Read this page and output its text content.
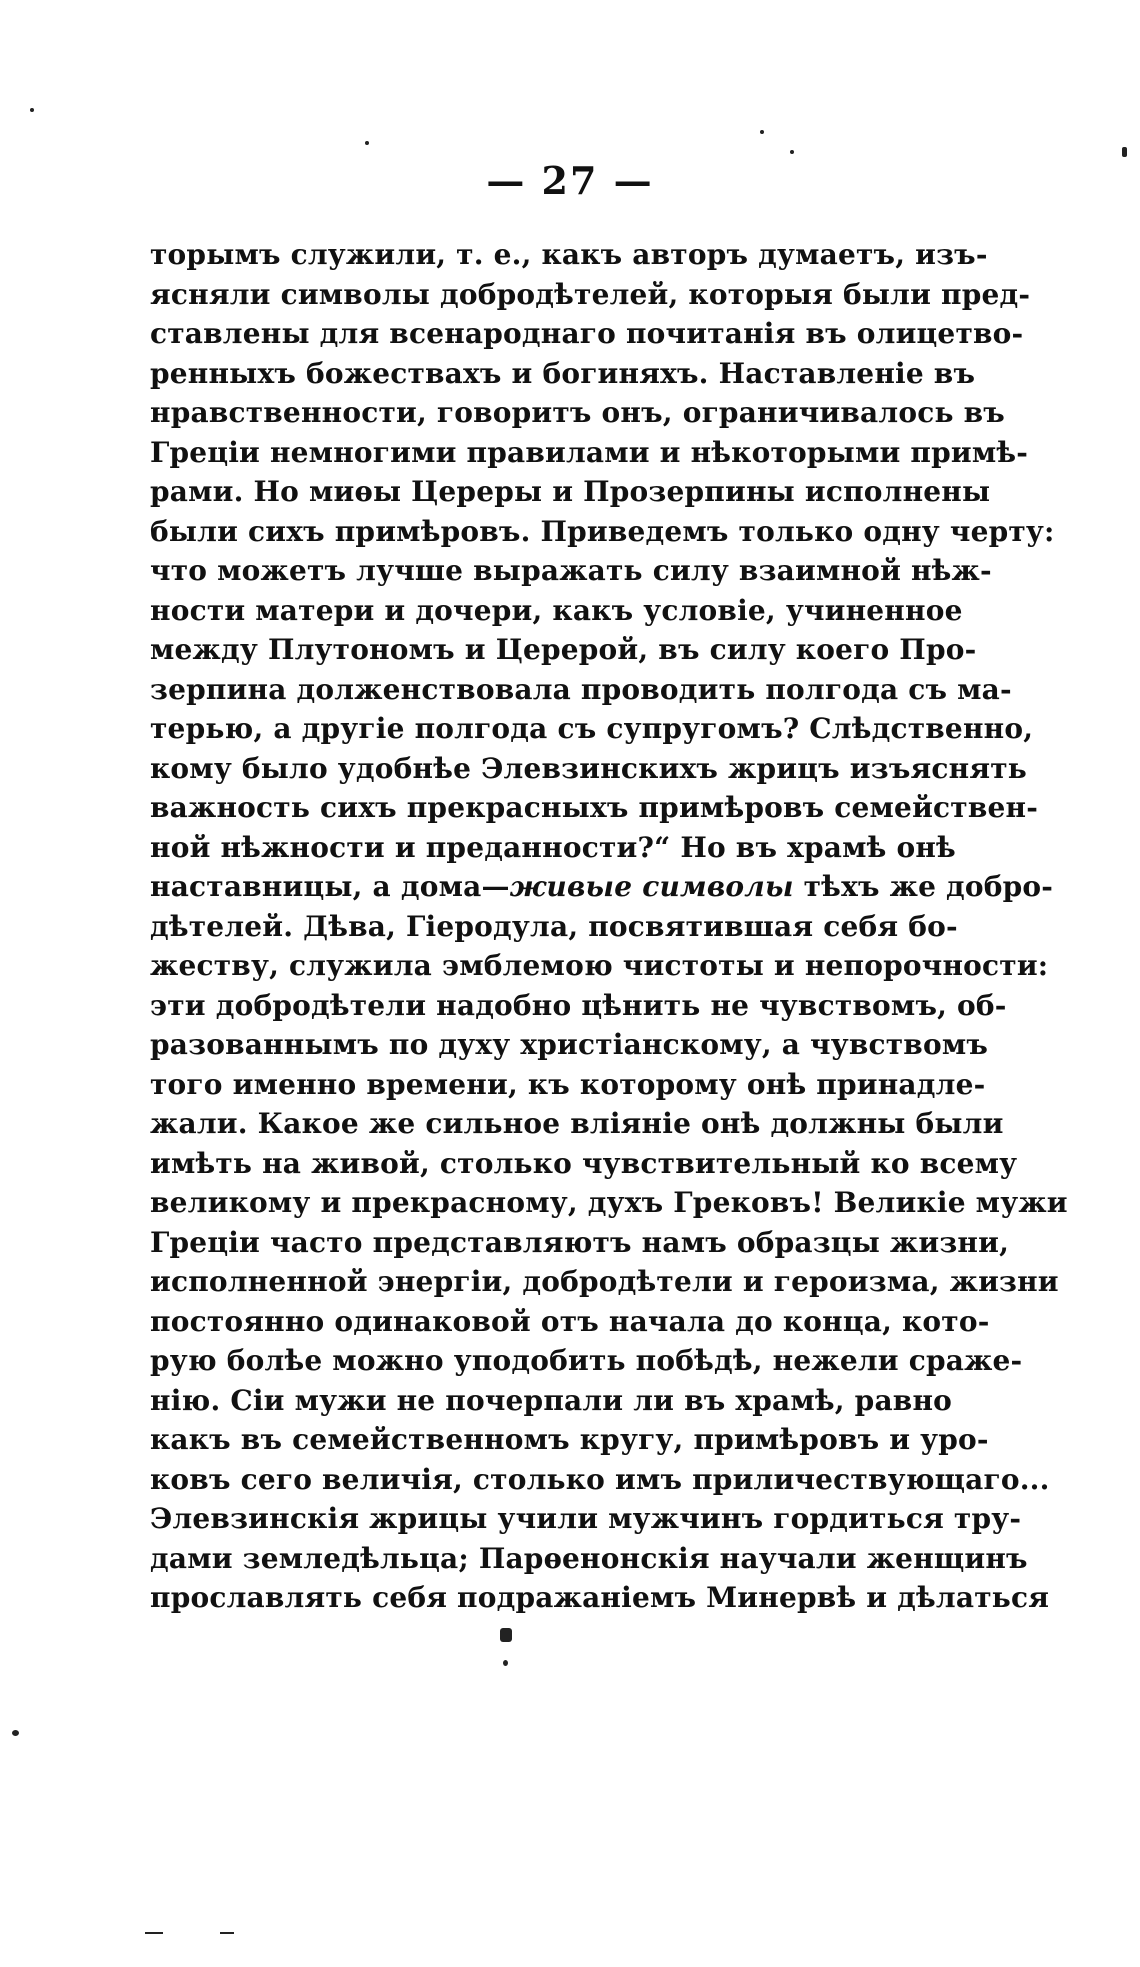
— 27 —
торымъ служили, т. е., какъ авторъ думаетъ, изъ-
ясняли символы добродѣтелей, которыя были пред-
ставлены для всенароднаго почитанія въ олицетво-
ренныхъ божествахъ и богиняхъ. Наставленіе въ
нравственности, говоритъ онъ, ограничивалось въ
Греціи немногими правилами и нѣкоторыми примѣ-
рами. Но миѳы Цереры и Прозерпины исполнены
были сихъ примѣровъ. Приведемъ только одну черту:
что можетъ лучше выражать силу взаимной нѣж-
ности матери и дочери, какъ условіе, учиненное
между Плутономъ и Церерой, въ силу коего Про-
зерпина долженствовала проводить полгода съ ма-
терью, а другіе полгода съ супругомъ? Слѣдственно,
кому было удобнѣе Элевзинскихъ жрицъ изъяснять
важность сихъ прекрасныхъ примѣровъ семействен-
ной нѣжности и преданности?“ Но въ храмѣ онѣ
наставницы, а дома—живые символы тѣхъ же добро-
дѣтелей. Дѣва, Гіеродула, посвятившая себя бо-
жеству, служила эмблемою чистоты и непорочности:
эти добродѣтели надобно цѣнить не чувствомъ, об-
разованнымъ по духу христіанскому, а чувствомъ
того именно времени, къ которому онѣ принадле-
жали. Какое же сильное вліяніе онѣ должны были
имѣть на живой, столько чувствительный ко всему
великому и прекрасному, духъ Грековъ! Великіе мужи
Греціи часто представляютъ намъ образцы жизни,
исполненной энергіи, добродѣтели и героизма, жизни
постоянно одинаковой отъ начала до конца, кото-
рую болѣе можно уподобить побѣдѣ, нежели сраже-
нію. Сіи мужи не почерпали ли въ храмѣ, равно
какъ въ семейственномъ кругу, примѣровъ и уро-
ковъ сего величія, столько имъ приличествующаго...
Элевзинскія жрицы учили мужчинъ гордиться тру-
дами земледѣльца; Парѳенонскія научали женщинъ
прославлять себя подражаніемъ Минервѣ и дѣлаться
